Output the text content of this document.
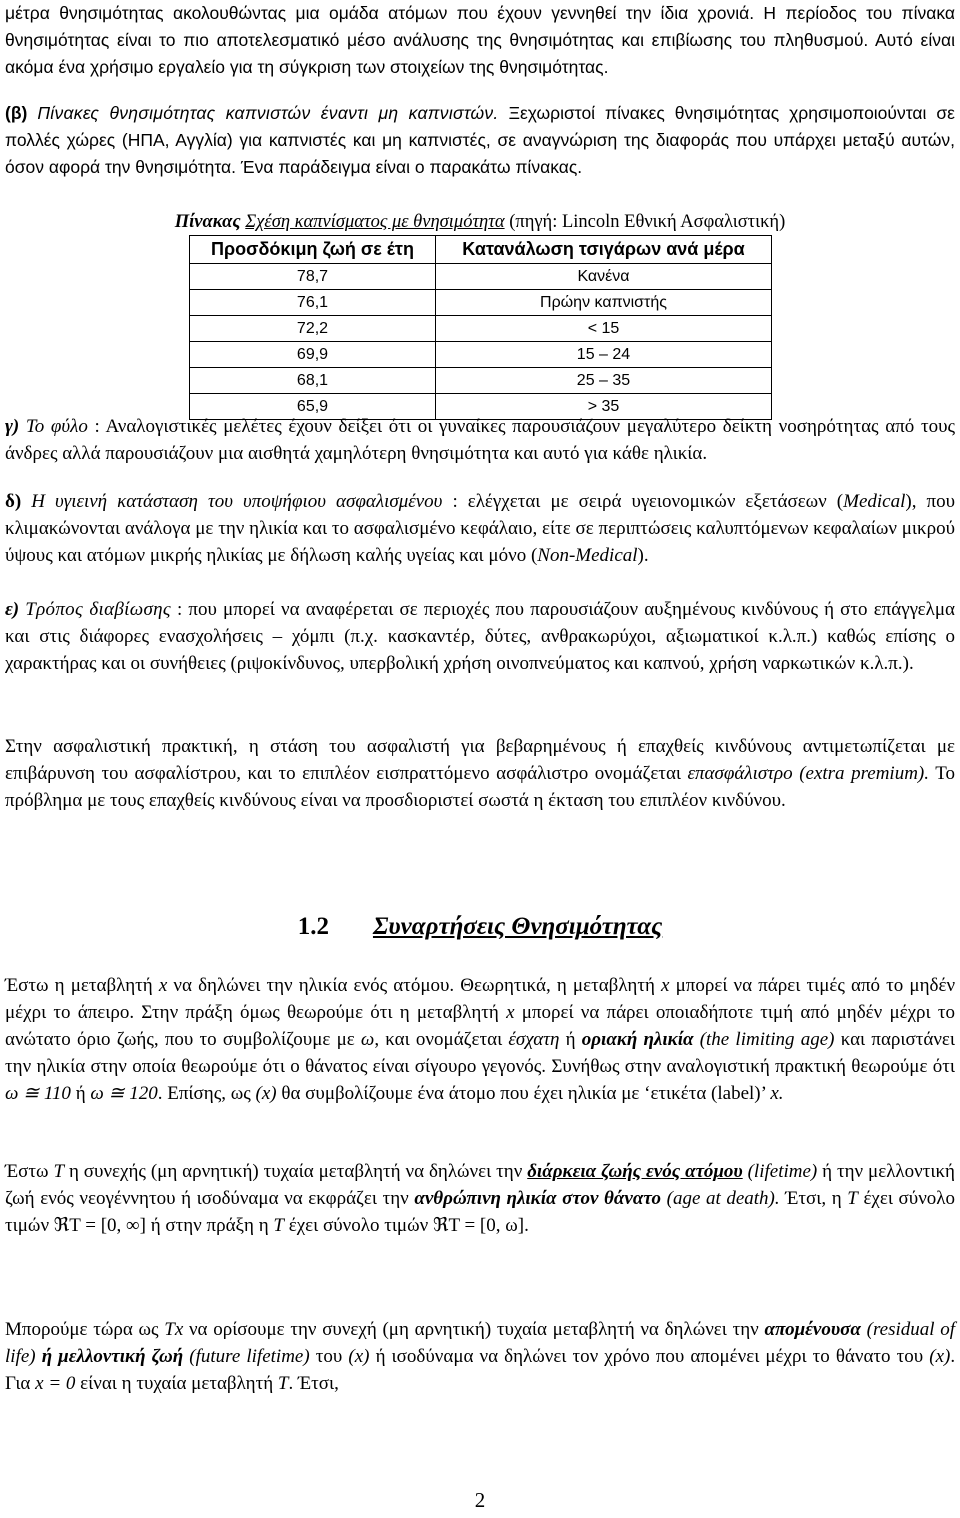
μέτρα θνησιμότητας ακολουθώντας μια ομάδα ατόμων που έχουν γεννηθεί την ίδια χρονιά. Η περίοδος του πίνακα θνησιμότητας είναι το πιο αποτελεσματικό μέσο ανάλυσης της θνησιμότητας και επιβίωσης του πληθυσμού. Αυτό είναι ακόμα ένα χρήσιμο εργαλείο για τη σύγκριση των στοιχείων της θνησιμότητας.

(β) Πίνακες θνησιμότητας καπνιστών έναντι μη καπνιστών. Ξεχωριστοί πίνακες θνησιμότητας χρησιμοποιούνται σε πολλές χώρες (ΗΠΑ, Αγγλία) για καπνιστές και μη καπνιστές, σε αναγνώριση της διαφοράς που υπάρχει μεταξύ αυτών, όσον αφορά την θνησιμότητα. Ένα παράδειγμα είναι ο παρακάτω πίνακας.

Πίνακας Σχέση καπνίσματος με θνησιμότητα (πηγή: Lincoln Εθνική Ασφαλιστική)
Προσδόκιμη ζωή σε έτη	Κατανάλωση τσιγάρων ανά μέρα
78,7	Κανένα
76,1	Πρώην καπνιστής
72,2	< 15
69,9	15 – 24
68,1	25 – 35
65,9	> 35

γ) Το φύλο : Αναλογιστικές μελέτες έχουν δείξει ότι οι γυναίκες παρουσιάζουν μεγαλύτερο δείκτη νοσηρότητας από τους άνδρες αλλά παρουσιάζουν μια αισθητά χαμηλότερη θνησιμότητα και αυτό για κάθε ηλικία.

δ) Η υγιεινή κατάσταση του υποψήφιου ασφαλισμένου : ελέγχεται με σειρά υγειονομικών εξετάσεων (Medical), που κλιμακώνονται ανάλογα με την ηλικία και το ασφαλισμένο κεφάλαιο, είτε σε περιπτώσεις καλυπτόμενων κεφαλαίων μικρού ύψους και ατόμων μικρής ηλικίας με δήλωση καλής υγείας και μόνο (Non-Medical).

ε) Τρόπος διαβίωσης : που μπορεί να αναφέρεται σε περιοχές που παρουσιάζουν αυξημένους κινδύνους ή στο επάγγελμα και στις διάφορες ενασχολήσεις – χόμπι (π.χ. κασκαντέρ, δύτες, ανθρακωρύχοι, αξιωματικοί κ.λ.π.) καθώς επίσης ο χαρακτήρας και οι συνήθειες (ριψοκίνδυνος, υπερβολική χρήση οινοπνεύματος και καπνού, χρήση ναρκωτικών κ.λ.π.).

Στην ασφαλιστική πρακτική, η στάση του ασφαλιστή για βεβαρημένους ή επαχθείς κινδύνους αντιμετωπίζεται με επιβάρυνση του ασφαλίστρου, και το επιπλέον εισπραττόμενο ασφάλιστρο ονομάζεται επασφάλιστρο (extra premium). Το πρόβλημα με τους επαχθείς κινδύνους είναι να προσδιοριστεί σωστά η έκταση του επιπλέον κινδύνου.

1.2 Συναρτήσεις Θνησιμότητας

Έστω η μεταβλητή x να δηλώνει την ηλικία ενός ατόμου. Θεωρητικά, η μεταβλητή x μπορεί να πάρει τιμές από το μηδέν μέχρι το άπειρο. Στην πράξη όμως θεωρούμε ότι η μεταβλητή x μπορεί να πάρει οποιαδήποτε τιμή από μηδέν μέχρι το ανώτατο όριο ζωής, που το συμβολίζουμε με ω, και ονομάζεται έσχατη ή οριακή ηλικία (the limiting age) και παριστάνει την ηλικία στην οποία θεωρούμε ότι ο θάνατος είναι σίγουρο γεγονός. Συνήθως στην αναλογιστική πρακτική θεωρούμε ότι ω ≅ 110 ή ω ≅ 120. Επίσης, ως (x) θα συμβολίζουμε ένα άτομο που έχει ηλικία με ‘ετικέτα (label)’ x.

Έστω T η συνεχής (μη αρνητική) τυχαία μεταβλητή να δηλώνει την διάρκεια ζωής ενός ατόμου (lifetime) ή την μελλοντική ζωή ενός νεογέννητου ή ισοδύναμα να εκφράζει την ανθρώπινη ηλικία στον θάνατο (age at death). Έτσι, η T έχει σύνολο τιμών ℜT = [0, ∞] ή στην πράξη η T έχει σύνολο τιμών ℜT = [0, ω].

Μπορούμε τώρα ως Tx να ορίσουμε την συνεχή (μη αρνητική) τυχαία μεταβλητή να δηλώνει την απομένουσα (residual of life) ή μελλοντική ζωή (future lifetime) του (x) ή ισοδύναμα να δηλώνει τον χρόνο που απομένει μέχρι το θάνατο του (x). Για x = 0 είναι η τυχαία μεταβλητή T. Έτσι,

2
